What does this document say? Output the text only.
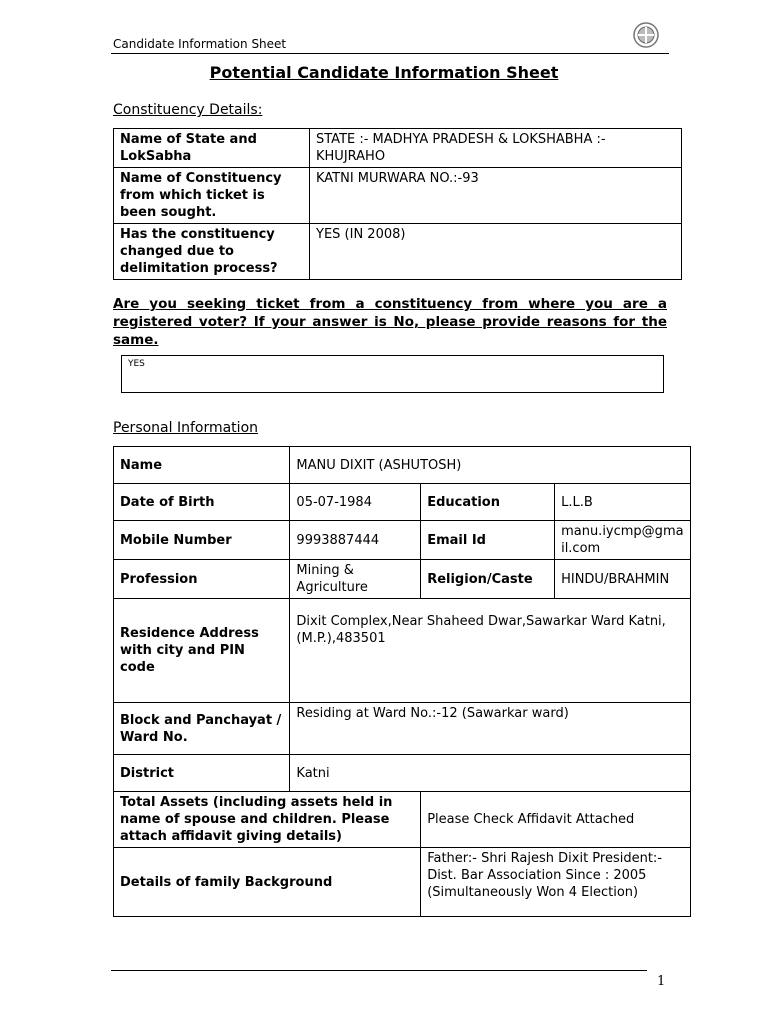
Candidate Information Sheet
Potential Candidate Information Sheet
Constituency Details:
Name of State and LokSabha	STATE :- MADHYA PRADESH & LOKSHABHA :- KHUJRAHO
Name of Constituency from which ticket is been sought.	KATNI MURWARA NO.:-93
Has the constituency changed due to delimitation process?	YES (IN 2008)
Are you seeking ticket from a constituency from where you are a registered voter? If your answer is No, please provide reasons for the same.
YES
Personal Information
Name	MANU DIXIT (ASHUTOSH)		
Date of Birth	05-07-1984	Education	L.L.B
Mobile Number	9993887444	Email Id	manu.iycmp@gmail.com
Profession	Mining & Agriculture	Religion/Caste	HINDU/BRAHMIN
Residence Address with city and PIN code	Dixit Complex,Near Shaheed Dwar,Sawarkar Ward Katni,(M.P.),483501		
Block and Panchayat / Ward No.	Residing at Ward No.:-12 (Sawarkar ward)		
District	Katni		
Total Assets (including assets held in name of spouse and children. Please attach affidavit giving details)		Please Check Affidavit Attached	
Details of family Background		Father:- Shri Rajesh Dixit President:-Dist. Bar Association Since : 2005 (Simultaneously Won 4 Election)	
1
